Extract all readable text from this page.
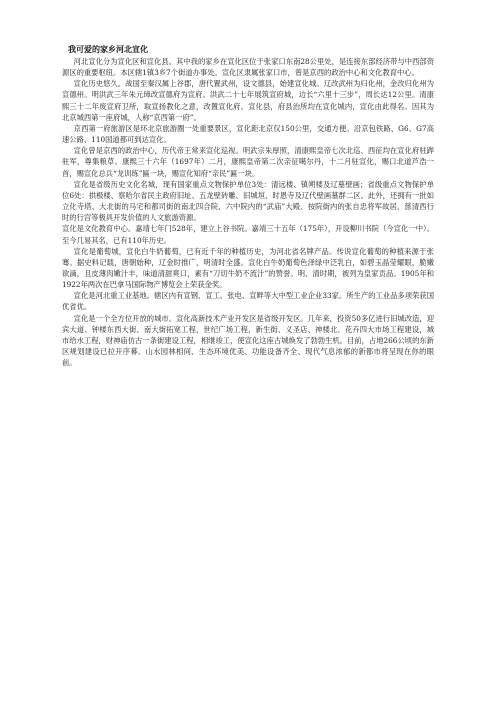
我可爱的家乡河北宣化

河北宣化分为宣化区和宣化县。其中我的家乡在宣化区位于张家口东南28公里处，是连接东部经济带与中西部资源区的重要枢纽。本区辖1镇3乡7个街道办事处。宣化区隶属张家口市，曾是京西的政治中心和文化教育中心。

宣化历史悠久。战国至秦汉属上谷郡，唐代置武州，设文德县，始建宣化城。辽改武州为归化州，金改归化州为宣德州。明洪武三年朱元璋改宣德府为宣府。洪武二十七年展筑宣府城，边长“六里十三步”，周长达12公里。清康熙三十二年废宣府卫所，取宣扬教化之意，改置宣化府。宣化县，府县治所均在宣化城内，宣化由此得名。因其为北京城西第一座府城，人称“京西第一府”。

京西第一府旅游区是环北京旅游圈一处重要景区，宣化距北京仅150公里，交通方便。沿京包铁路、G6、G7高速公路、110国道都可到达宣化。

宣化曾是京西的政治中心，历代帝王常来宣化巡视。明武宗朱厚照，清康熙皇帝七次北巡、西征均在宣化府驻跸驻军，尊集粮草。康熙三十六年（1697年）二月，康熙皇帝第二次亲征噶尔丹，十二月驻宣化，赐口北道芦浩一首，赐宣化总兵“龙训练”匾一块，赐宣化知府“亲民”匾一块。

宣化是省级历史文化名城，现有国家重点文物保护单位3处：清远楼、镇朔楼及辽墓壁画；省级重点文物保护单位6处：拱极楼、察哈尔省民主政府旧址、五龙壁砖雕、旧城垣、时恩寺及辽代壁画墓群二区。此外，还拥有一批如立化寺塔、大北街的马宅和都司街的南北四合院、六中院内的“武庙”大殿、按院街内的张自忠将军故居、慈清西行时的行宫等极具开发价值的人文旅游资源。

宣化是文化教育中心。嘉靖七年门528年，建立上谷书院。嘉靖三十五年（175年），开设柳川书院（今宣化一中）。至今几易其名，已有110年历史。

宣化是葡萄城，宣化白牛奶葡萄，已有近千年的种植历史，为河北省名牌产品。传说宣化葡萄的种植来源于张骞。据史料记载，唐朝始种，辽金时推广，明清时全盛。宣化白牛奶葡萄色泽绿中泛乳白，如碧玉晶莹耀眼，脆嫩欲滴，且皮薄肉嫩汁丰，味道清甜爽口，素有“刀切牛奶不流汁”的赞誉。明、清时期，被列为皇家贡品。1905年和1922年两次在巴拿马国际物产博览会上荣获金奖。

宣化是河北重工业基地。辖区内有宣钢、宣工、张电、宣畔等大中型工业企业33家。所生产的工业品多项荣获国优省优。

宣化是一个全方位开放的城市。宣化高新技术产业开发区是省级开发区。几年来，投资50多亿进行旧城改造，迎宾大道、钟楼东西大街、南大街拓宽工程，世纪广场工程，新生街、义圣店、神楼北、花卉四大市场工程建设，城市给水工程，财神庙仿古一条街建设工程，相继竣工，使宣化这座古城焕发了勃勃生机。目前，占地266公顷的东新区规划建设已拉开序幕。山水园林相间、生态环境优美、功能设备齐全、现代气息浓郁的新都市将呈现在你的眼前。
